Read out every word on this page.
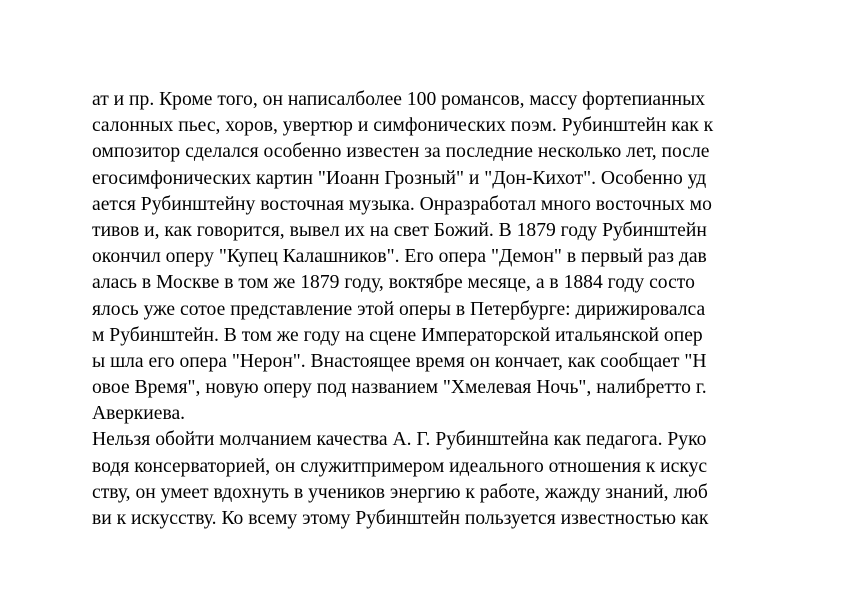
ат и пр. Кроме того, он написалболее 100 романсов, массу фортепианных
салонных пьес, хоров, увертюр и симфонических поэм. Рубинштейн как к
омпозитор сделался особенно известен за последние несколько лет, после
егосимфонических картин "Иоанн Грозный" и "Дон-Кихот". Особенно уд
ается Рубинштейну восточная музыка. Онразработал много восточных мо
тивов и, как говорится, вывел их на свет Божий. В 1879 году Рубинштейн
окончил оперу "Купец Калашников". Его опера "Демон" в первый раз дав
алась в Москве в том же 1879 году, воктябре месяце, а в 1884 году состо
ялось уже сотое представление этой оперы в Петербурге: дирижировалса
м Рубинштейн. В том же году на сцене Императорской итальянской опер
ы шла его опера "Нерон". Внастоящее время он кончает, как сообщает "Н
овое Время", новую оперу под названием "Хмелевая Ночь", налибретто г.
Аверкиева.
Нельзя обойти молчанием качества А. Г. Рубинштейна как педагога. Руко
водя консерваторией, он служитпримером идеального отношения к искус
ству, он умеет вдохнуть в учеников энергию к работе, жажду знаний, люб
ви к искусству. Ко всему этому Рубинштейн пользуется известностью как
